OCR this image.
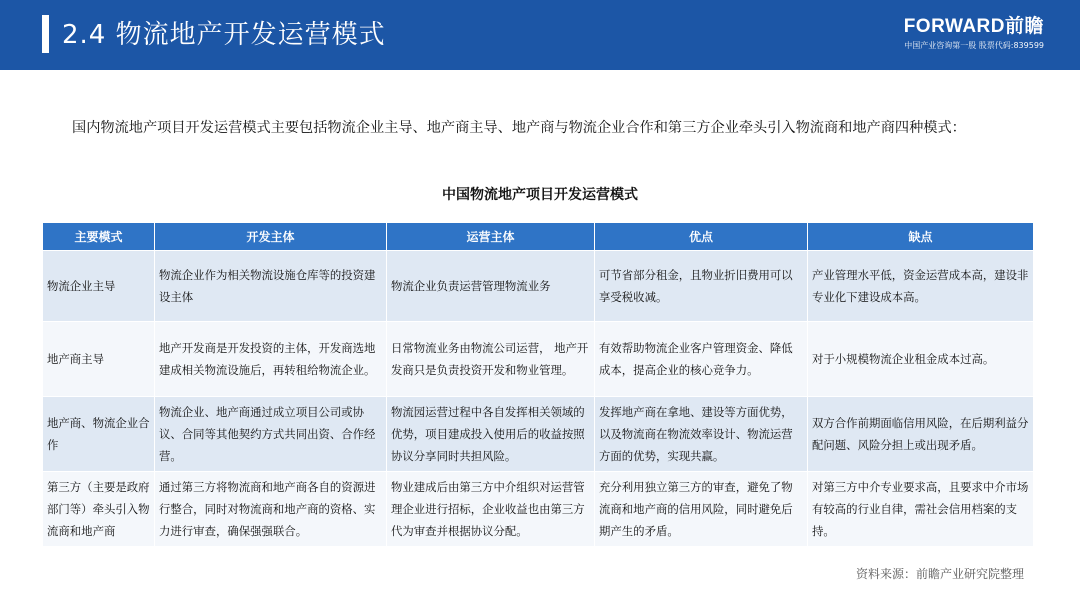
2.4 物流地产开发运营模式	FORWARD前瞻
中国产业咨询第一股 股票代码:839599

国内物流地产项目开发运营模式主要包括物流企业主导、地产商主导、地产商与物流企业合作和第三方企业牵头引入物流商和地产商四种模式：

中国物流地产项目开发运营模式
主要模式	开发主体	运营主体	优点	缺点
物流企业主导	物流企业作为相关物流设施仓库等的投资建设主体	物流企业负责运营管理物流业务	可节省部分租金，且物业折旧费用可以享受税收减。	产业管理水平低，资金运营成本高，建设非专业化下建设成本高。
地产商主导	地产开发商是开发投资的主体，开发商选地建成相关物流设施后，再转租给物流企业。	日常物流业务由物流公司运营， 地产开发商只是负责投资开发和物业管理。	有效帮助物流企业客户管理资金、降低成本，提高企业的核心竞争力。	对于小规模物流企业租金成本过高。
地产商、物流企业合作	物流企业、地产商通过成立项目公司或协议、合同等其他契约方式共同出资、合作经营。	物流园运营过程中各自发挥相关领域的优势，项目建成投入使用后的收益按照协议分享同时共担风险。	发挥地产商在拿地、建设等方面优势，以及物流商在物流效率设计、物流运营方面的优势，实现共赢。	双方合作前期面临信用风险，在后期利益分配问题、风险分担上或出现矛盾。
第三方（主要是政府部门等）牵头引入物流商和地产商	通过第三方将物流商和地产商各自的资源进行整合，同时对物流商和地产商的资格、实力进行审查，确保强强联合。	物业建成后由第三方中介组织对运营管理企业进行招标，企业收益也由第三方代为审查并根据协议分配。	充分利用独立第三方的审查，避免了物流商和地产商的信用风险，同时避免后期产生的矛盾。	对第三方中介专业要求高，且要求中介市场有较高的行业自律，需社会信用档案的支持。
资料来源：前瞻产业研究院整理
